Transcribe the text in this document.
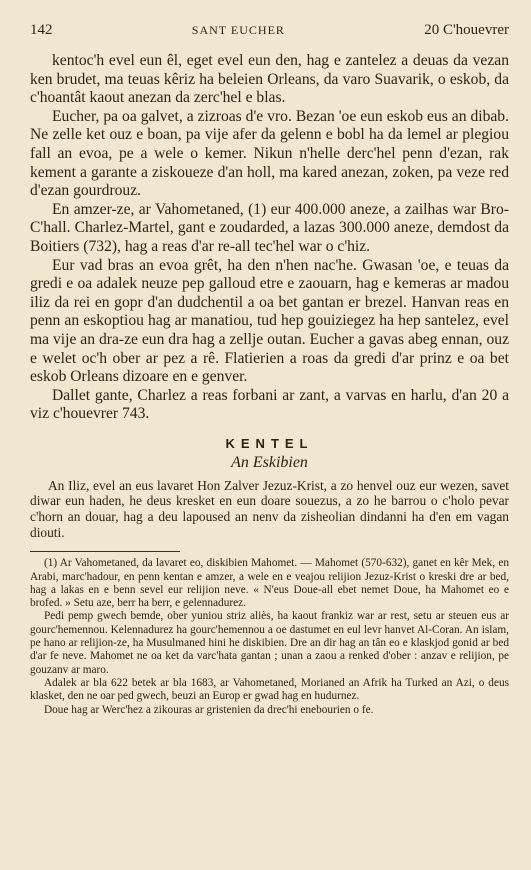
142	SANT EUCHER	20 C'houevrer

kentoc'h evel eun êl, eget evel eun den, hag e zantelez a deuas da vezan ken brudet, ma teuas kêriz ha beleien Orleans, da varo Suavarik, o eskob, da c'hoantât kaout anezan da zerc'hel e blas.

Eucher, pa oa galvet, a zizroas d'e vro. Bezan 'oe eun eskob eus an dibab. Ne zelle ket ouz e boan, pa vije afer da gelenn e bobl ha da lemel ar plegiou fall an evoa, pe a wele o kemer. Nikun n'helle derc'hel penn d'ezan, rak kement a garante a ziskoueze d'an holl, ma kared anezan, zoken, pa veze red d'ezan gourdrouz.

En amzer-ze, ar Vahometaned, (1) eur 400.000 aneze, a zailhas war Bro-C'hall. Charlez-Martel, gant e zoudarded, a lazas 300.000 aneze, demdost da Boitiers (732), hag a reas d'ar re-all tec'hel war o c'hiz.

Eur vad bras an evoa grêt, ha den n'hen nac'he. Gwasan 'oe, e teuas da gredi e oa adalek neuze pep galloud etre e zaouarn, hag e kemeras ar madou iliz da rei en gopr d'an dudchentil a oa bet gantan er brezel. Hanvan reas en penn an eskoptiou hag ar manatiou, tud hep gouiziegez ha hep santelez, evel ma vije an dra-ze eun dra hag a zellje outan. Eucher a gavas abeg ennan, ouz e welet oc'h ober ar pez a rê. Flatierien a roas da gredi d'ar prinz e oa bet eskob Orleans dizoare en e genver.

Dallet gante, Charlez a reas forbani ar zant, a varvas en harlu, d'an 20 a viz c'houevrer 743.

KENTEL
An Eskibien

An Iliz, evel an eus lavaret Hon Zalver Jezuz-Krist, a zo henvel ouz eur wezen, savet diwar eun haden, he deus kresket en eun doare souezus, a zo he barrou o c'holo pevar c'horn an douar, hag a deu lapoused an nenv da zisheolian dindanni ha d'en em vagan diouti.

(1) Ar Vahometaned, da lavaret eo, diskibien Mahomet. — Mahomet (570-632), ganet en kêr Mek, en Arabi, marc'hadour, en penn kentan e amzer, a wele en e veajou relijion Jezuz-Krist o kreski dre ar bed, hag a lakas en e benn sevel eur relijion neve. « N'eus Doue-all ebet nemet Doue, ha Mahomet eo e brofed. » Setu aze, berr ha berr, e gelennadurez.

Pedi pemp gwech bemde, ober yuniou striz aliès, ha kaout frankiz war ar rest, setu ar steuen eus ar gourc'hemennou. Kelennadurez ha gourc'hemennou a oe dastumet en eul levr hanvet Al-Coran. An islam, pe hano ar relijion-ze, ha Musulmaned hini he diskibien. Dre an dir hag an tân eo e klaskjod gonid ar bed d'ar fe neve. Mahomet ne oa ket da varc'hata gantan ; unan a zaou a renked d'ober : anzav e relijion, pe gouzanv ar maro.

Adalek ar bla 622 betek ar bla 1683, ar Vahometaned, Morianed an Afrik ha Turked an Azi, o deus klasket, den ne oar ped gwech, beuzi an Europ er gwad hag en hudurnez.

Doue hag ar Werc'hez a zikouras ar gristenien da drec'hi enebourien o fe.
